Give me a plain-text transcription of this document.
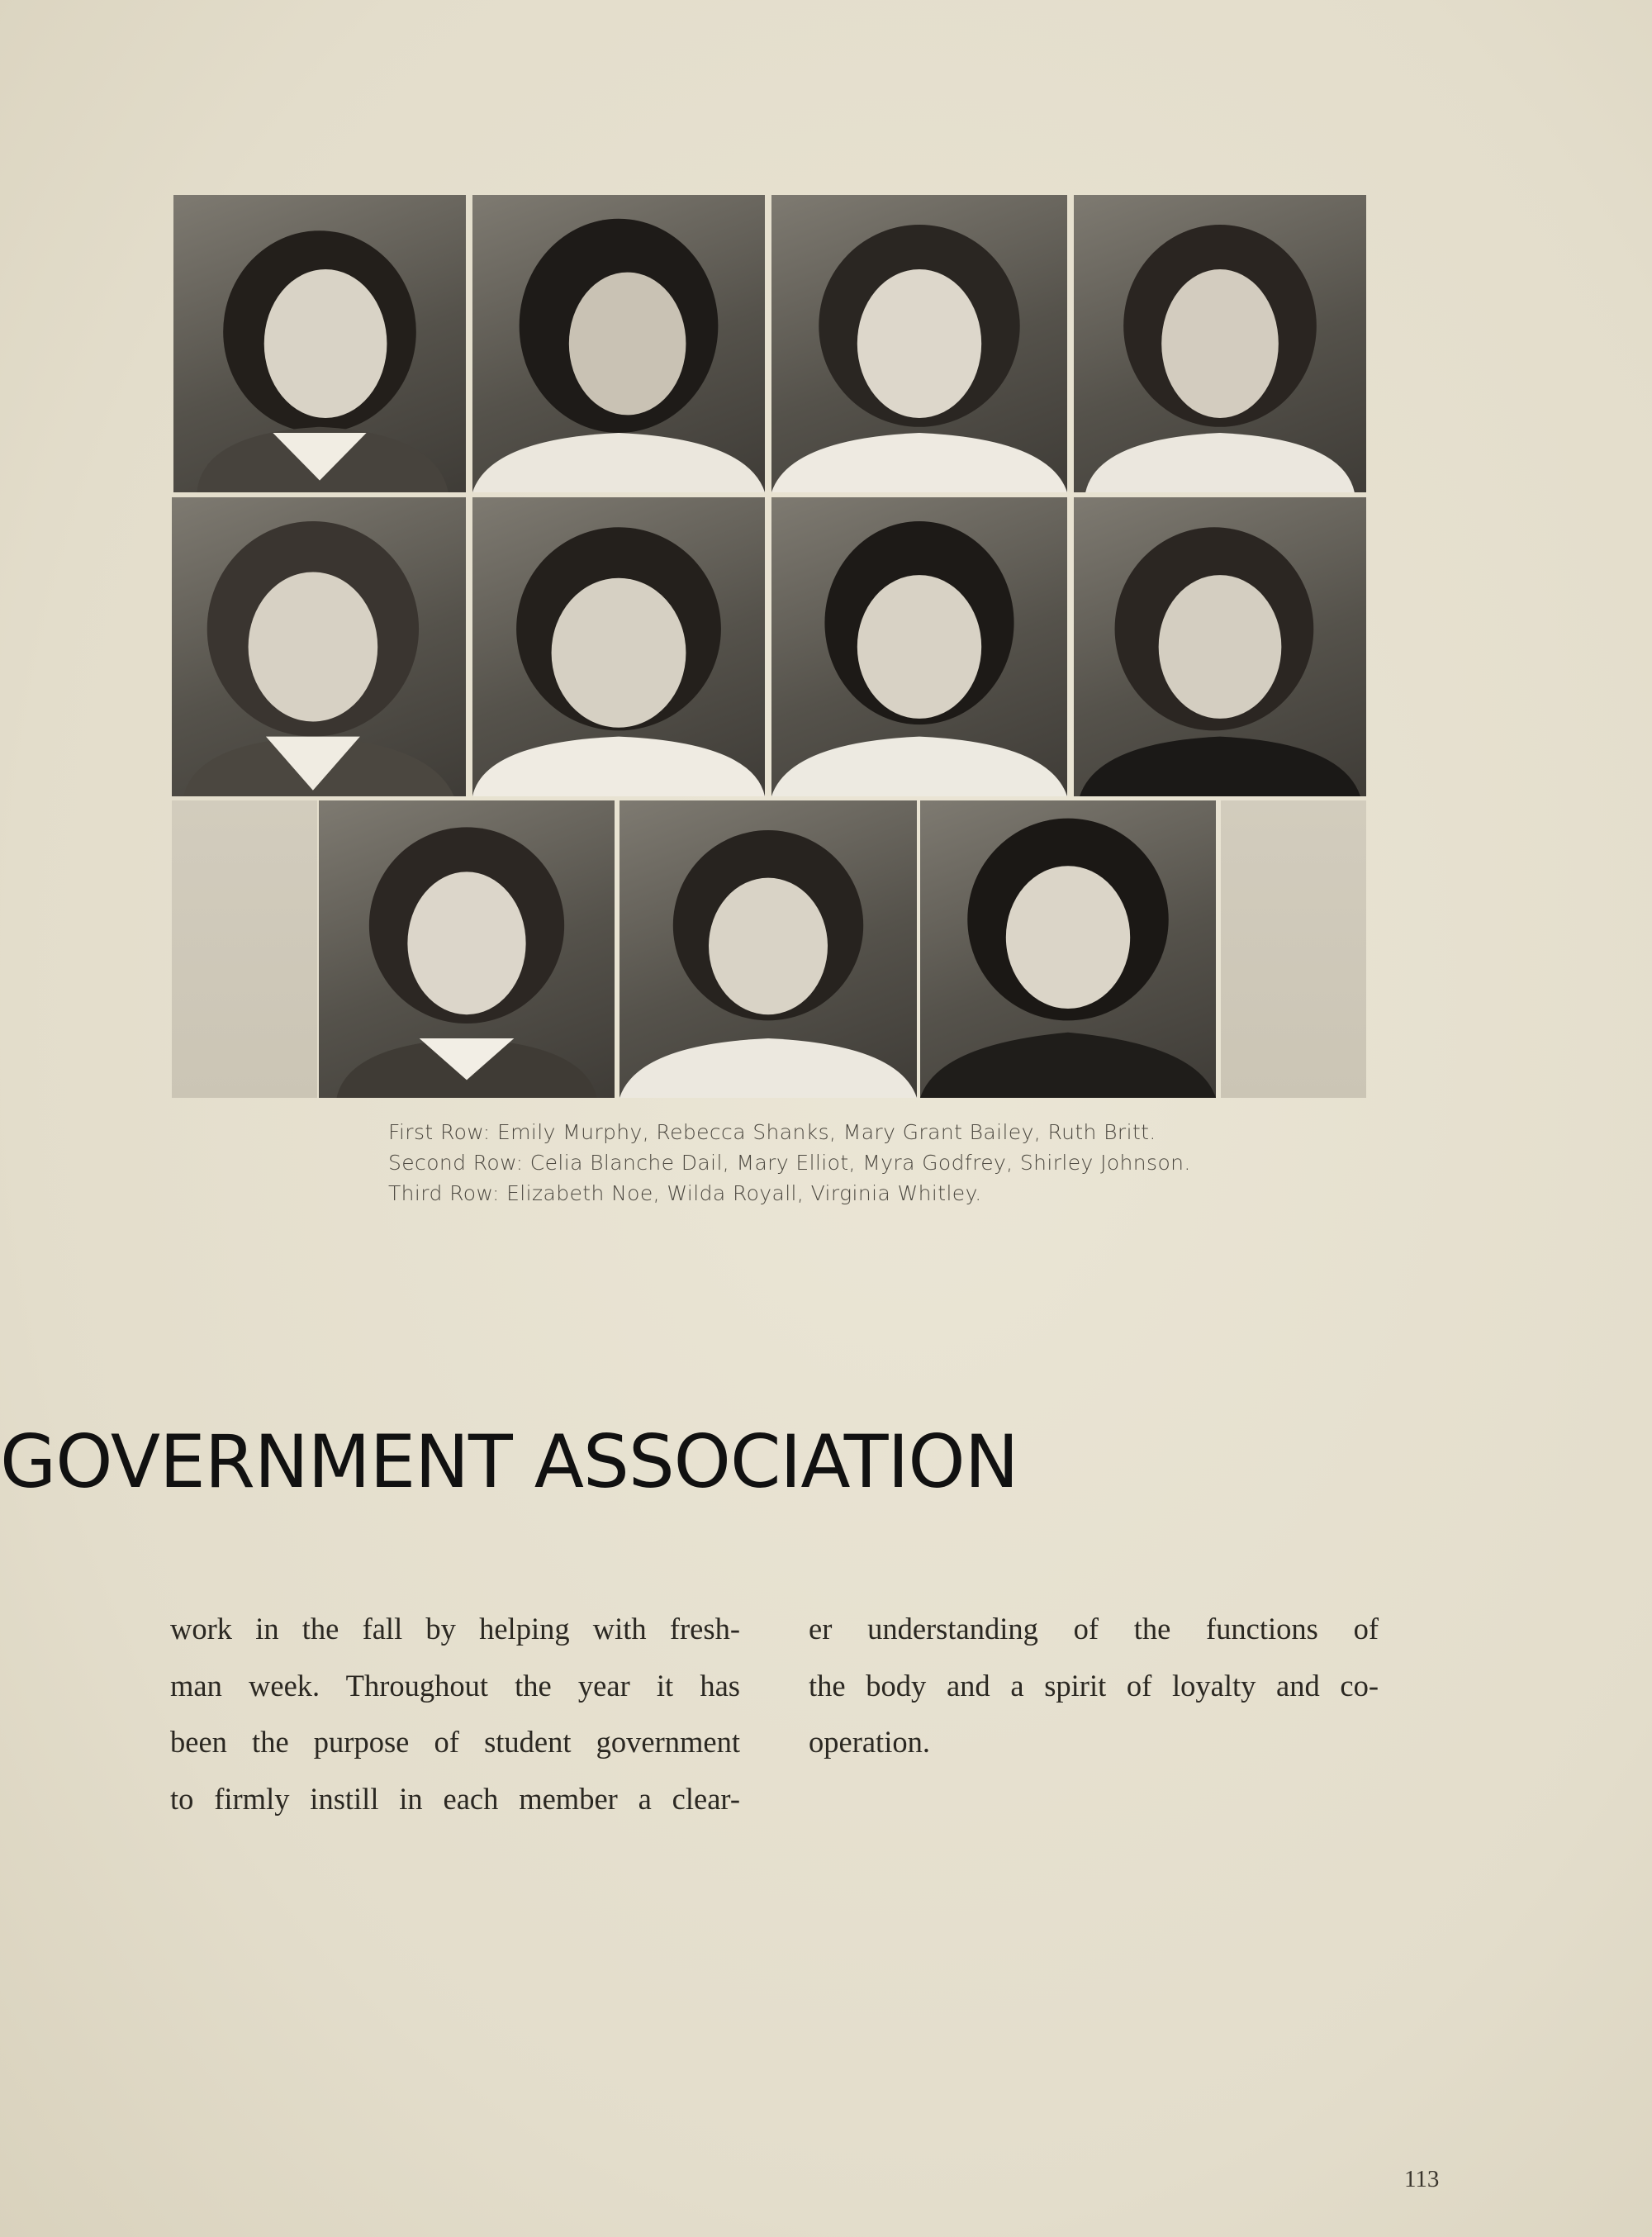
First Row: Emily Murphy, Rebecca Shanks, Mary Grant Bailey, Ruth Britt.
Second Row: Celia Blanche Dail, Mary Elliot, Myra Godfrey, Shirley Johnson.
Third Row: Elizabeth Noe, Wilda Royall, Virginia Whitley.
GOVERNMENT ASSOCIATION
work in the fall by helping with fresh-
man week. Throughout the year it has
been the purpose of student government
to firmly instill in each member a clear-
er understanding of the functions of
the body and a spirit of loyalty and co-
operation.
113
